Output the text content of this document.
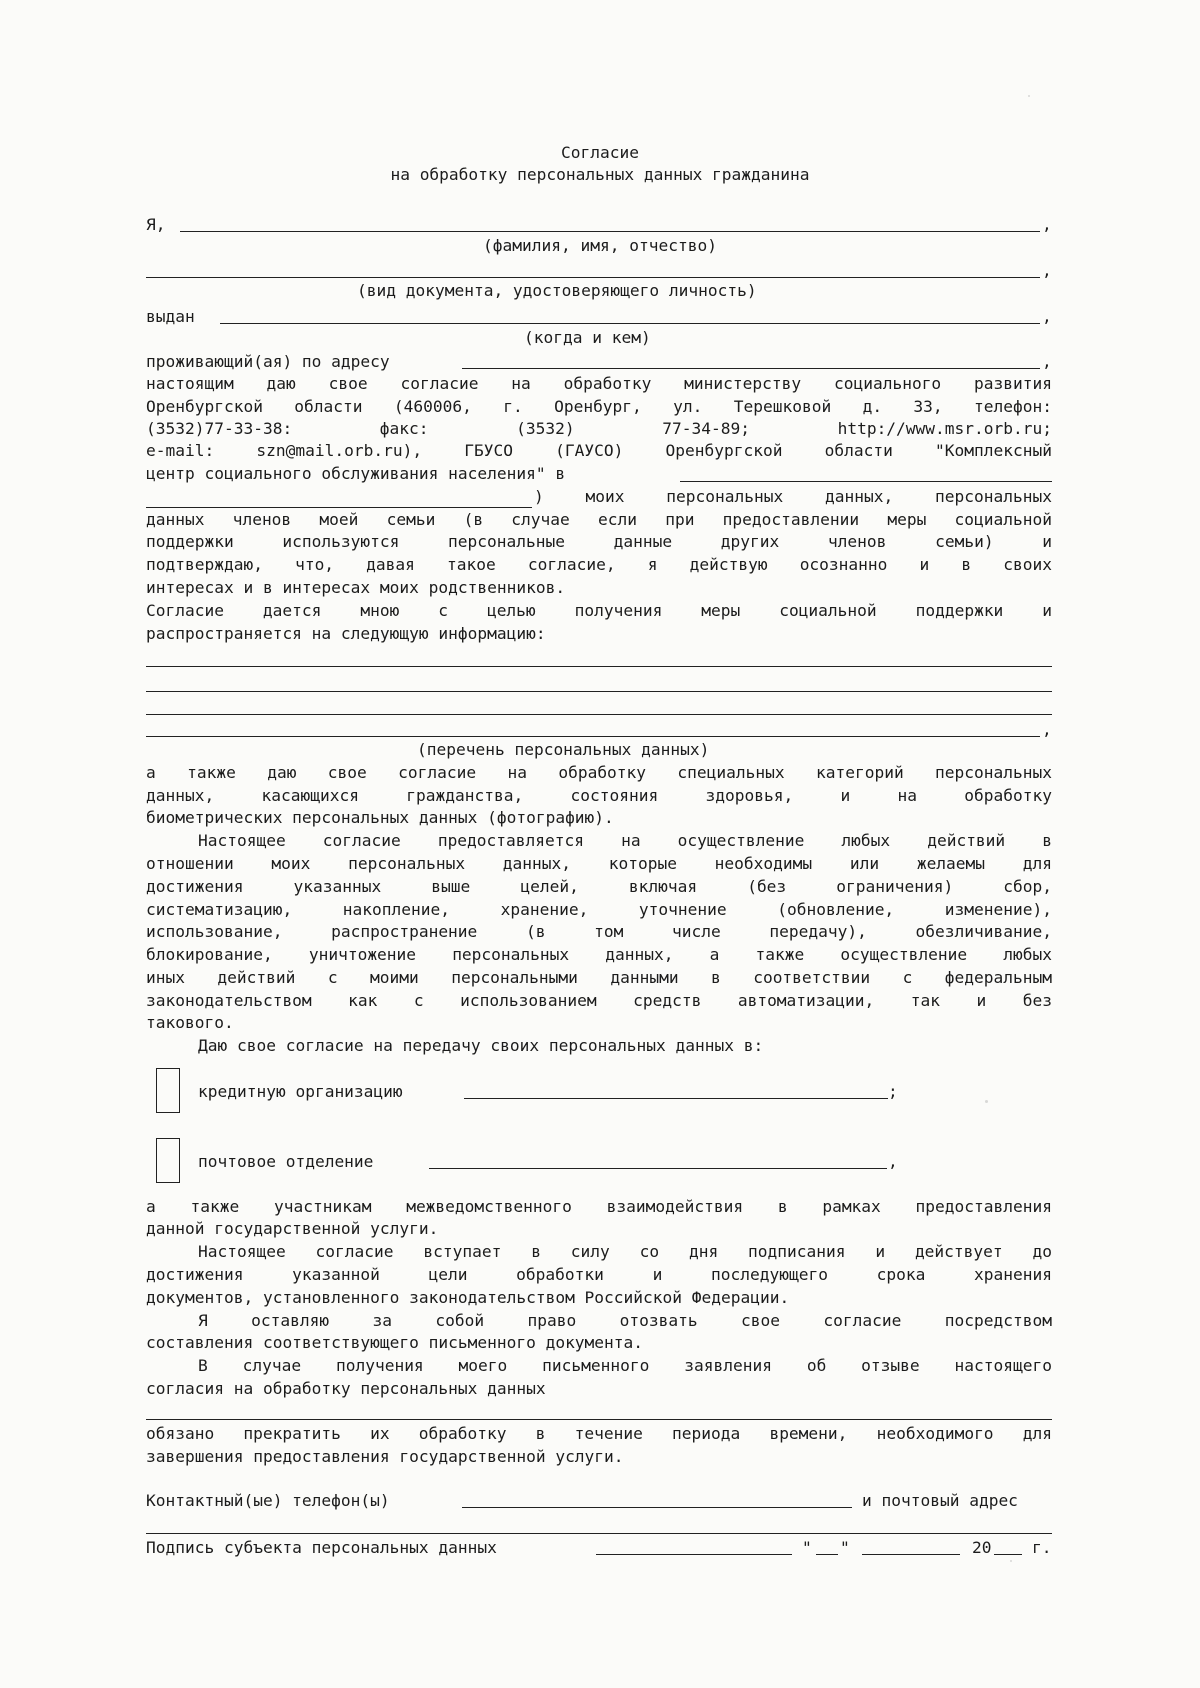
Согласие
на обработку персональных данных гражданина
Я,	,
(фамилия, имя, отчество)
,
(вид документа, удостоверяющего личность)
выдан	,
(когда и кем)
проживающий(ая) по адресу	,
настоящим даю свое согласие на обработку министерству социального развития
Оренбургской области (460006, г. Оренбург, ул. Терешковой д. 33, телефон:
(3532)77-33-38: факс: (3532) 77-34-89; http://www.msr.orb.ru;
e-mail: szn@mail.orb.ru), ГБУСО (ГАУСО) Оренбургской области "Комплексный
центр социального обслуживания населения" в
) моих персональных данных, персональных
данных членов моей семьи (в случае если при предоставлении меры социальной
поддержки используются персональные данные других членов семьи) и
подтверждаю, что, давая такое согласие, я действую осознанно и в своих
интересах и в интересах моих родственников.
Согласие дается мною с целью получения меры социальной поддержки и
распространяется на следующую информацию:
,
(перечень персональных данных)
а также даю свое согласие на обработку специальных категорий персональных
данных, касающихся гражданства, состояния здоровья, и на обработку
биометрических персональных данных (фотографию).
Настоящее согласие предоставляется на осуществление любых действий в
отношении моих персональных данных, которые необходимы или желаемы для
достижения указанных выше целей, включая (без ограничения) сбор,
систематизацию, накопление, хранение, уточнение (обновление, изменение),
использование, распространение (в том числе передачу), обезличивание,
блокирование, уничтожение персональных данных, а также осуществление любых
иных действий с моими персональными данными в соответствии с федеральным
законодательством как с использованием средств автоматизации, так и без
такового.
Даю свое согласие на передачу своих персональных данных в:
кредитную организацию	;
почтовое отделение	,
а также участникам межведомственного взаимодействия в рамках предоставления
данной государственной услуги.
Настоящее согласие вступает в силу со дня подписания и действует до
достижения указанной цели обработки и последующего срока хранения
документов, установленного законодательством Российской Федерации.
Я оставляю за собой право отозвать свое согласие посредством
составления соответствующего письменного документа.
В случае получения моего письменного заявления об отзыве настоящего
согласия на обработку персональных данных
обязано прекратить их обработку в течение периода времени, необходимого для
завершения предоставления государственной услуги.
Контактный(ые) телефон(ы)	и почтовый адрес
Подпись субъекта персональных данных	" "	20	г.
